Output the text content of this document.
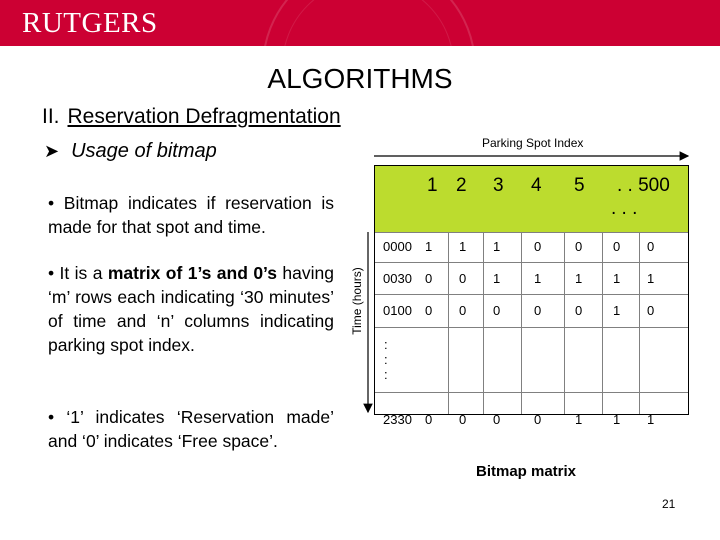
RUTGERS
ALGORITHMS
II. Reservation Defragmentation
➤ Usage of bitmap
• Bitmap indicates if reservation is made for that spot and time.
• It is a matrix of 1’s and 0’s having ‘m’ rows each indicating ‘30 minutes’ of time and ‘n’ columns indicating parking spot index.
• ‘1’ indicates ‘Reservation made’ and ‘0’ indicates ‘Free space’.
Parking Spot Index
Time (hours)
1 2 3 4 5 . . 500
. . .
0000 1 1 1	0	0 0 0
0030 0 0 1	1	1 1 1
0100 0 0 0	0	0 1 0
:
:
:
2330 0 0 0	0	1 1 1
Bitmap matrix
21
